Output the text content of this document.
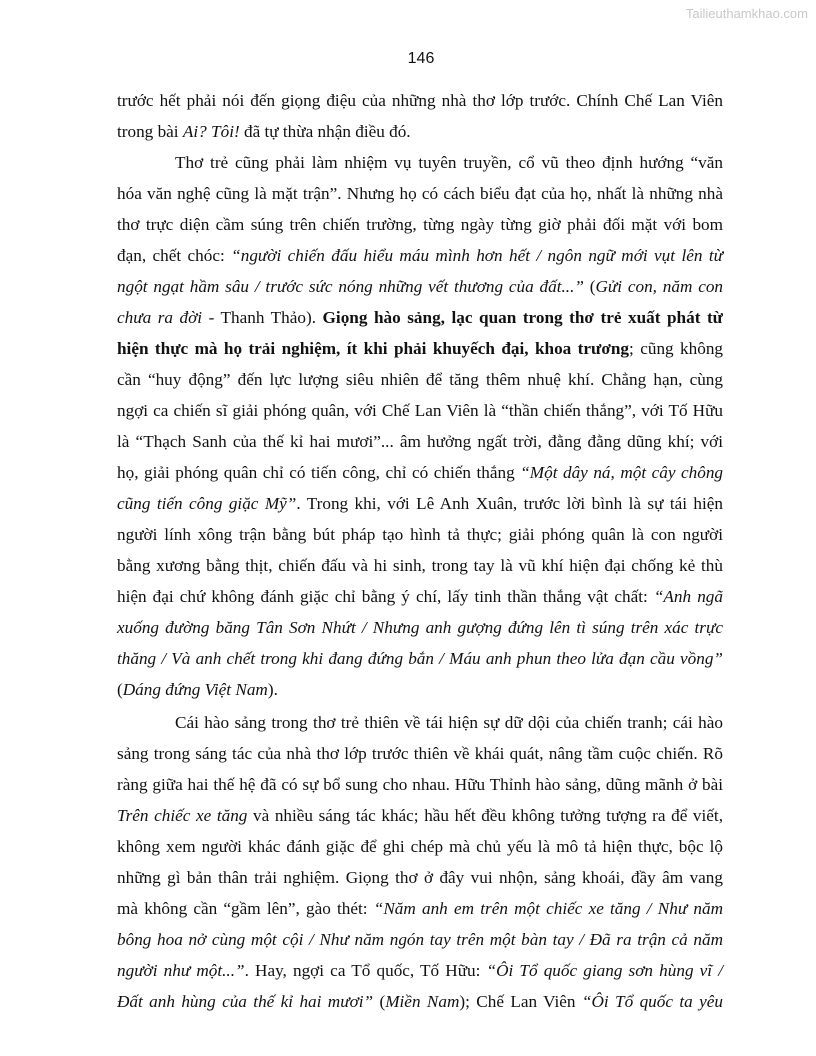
Tailieuthamkhao.com
146
trước hết phải nói đến giọng điệu của những nhà thơ lớp trước. Chính Chế Lan Viên
trong bài Ai? Tôi! đã tự thừa nhận điều đó.
Thơ trẻ cũng phải làm nhiệm vụ tuyên truyền, cổ vũ theo định hướng “văn
hóa văn nghệ cũng là mặt trận”. Nhưng họ có cách biểu đạt của họ, nhất là những nhà
thơ trực diện cầm súng trên chiến trường, từng ngày từng giờ phải đối mặt với bom
đạn, chết chóc: “người chiến đấu hiểu máu mình hơn hết / ngôn ngữ mới vụt lên từ
ngột ngạt hầm sâu / trước sức nóng những vết thương của đất...” (Gửi con, năm con
chưa ra đời - Thanh Thảo). Giọng hào sảng, lạc quan trong thơ trẻ xuất phát từ
hiện thực mà họ trải nghiệm, ít khi phải khuyếch đại, khoa trương; cũng không
cần “huy động” đến lực lượng siêu nhiên để tăng thêm nhuệ khí. Chẳng hạn, cùng
ngợi ca chiến sĩ giải phóng quân, với Chế Lan Viên là “thần chiến thắng”, với Tố Hữu
là “Thạch Sanh của thế kỉ hai mươi”... âm hưởng ngất trời, đằng đằng dũng khí; với
họ, giải phóng quân chỉ có tiến công, chỉ có chiến thắng “Một dây ná, một cây chông
cũng tiến công giặc Mỹ”. Trong khi, với Lê Anh Xuân, trước lời bình là sự tái hiện
người lính xông trận bằng bút pháp tạo hình tả thực; giải phóng quân là con người
bằng xương bằng thịt, chiến đấu và hi sinh, trong tay là vũ khí hiện đại chống kẻ thù
hiện đại chứ không đánh giặc chỉ bằng ý chí, lấy tinh thần thắng vật chất: “Anh ngã
xuống đường băng Tân Sơn Nhứt / Nhưng anh gượng đứng lên tì súng trên xác trực
thăng / Và anh chết trong khi đang đứng bắn / Máu anh phun theo lửa đạn cầu vồng”
(Dáng đứng Việt Nam).
Cái hào sảng trong thơ trẻ thiên về tái hiện sự dữ dội của chiến tranh; cái hào
sảng trong sáng tác của nhà thơ lớp trước thiên về khái quát, nâng tầm cuộc chiến. Rõ
ràng giữa hai thế hệ đã có sự bổ sung cho nhau. Hữu Thỉnh hào sảng, dũng mãnh ở bài
Trên chiếc xe tăng và nhiều sáng tác khác; hầu hết đều không tưởng tượng ra để viết,
không xem người khác đánh giặc để ghi chép mà chủ yếu là mô tả hiện thực, bộc lộ
những gì bản thân trải nghiệm. Giọng thơ ở đây vui nhộn, sảng khoái, đầy âm vang
mà không cần “gầm lên”, gào thét: “Năm anh em trên một chiếc xe tăng / Như năm
bông hoa nở cùng một cội / Như năm ngón tay trên một bàn tay / Đã ra trận cả năm
người như một...”. Hay, ngợi ca Tổ quốc, Tố Hữu: “Ôi Tổ quốc giang sơn hùng vĩ /
Đất anh hùng của thế kỉ hai mươi” (Miền Nam); Chế Lan Viên “Ôi Tổ quốc ta yêu
